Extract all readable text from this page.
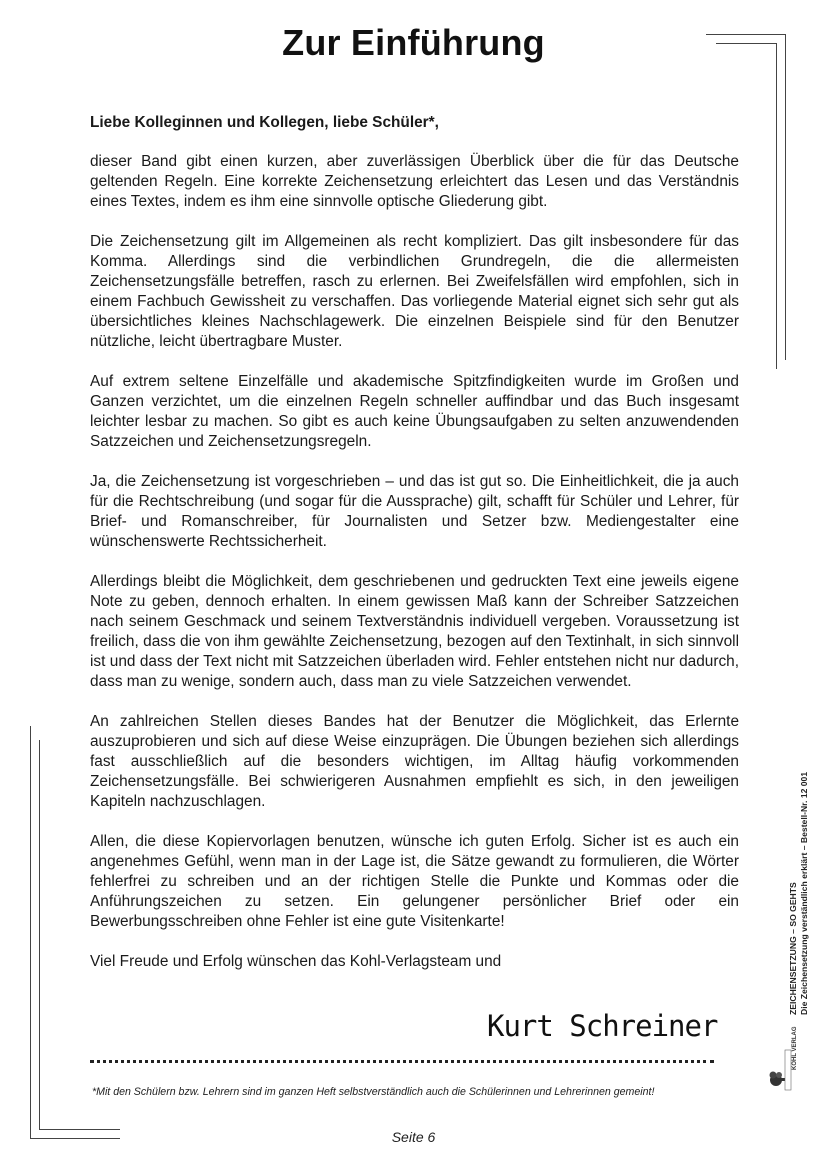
Zur Einführung

Liebe Kolleginnen und Kollegen, liebe Schüler*,

dieser Band gibt einen kurzen, aber zuverlässigen Überblick über die für das Deutsche geltenden Regeln. Eine korrekte Zeichensetzung erleichtert das Lesen und das Verständnis eines Textes, indem es ihm eine sinnvolle optische Gliederung gibt.

Die Zeichensetzung gilt im Allgemeinen als recht kompliziert. Das gilt insbesondere für das Komma. Allerdings sind die verbindlichen Grundregeln, die die allermeisten Zeichensetzungsfälle betreffen, rasch zu erlernen. Bei Zweifelsfällen wird empfohlen, sich in einem Fachbuch Gewissheit zu verschaffen. Das vorliegende Material eignet sich sehr gut als übersichtliches kleines Nachschlagewerk. Die einzelnen Beispiele sind für den Benutzer nützliche, leicht übertragbare Muster.

Auf extrem seltene Einzelfälle und akademische Spitzfindigkeiten wurde im Großen und Ganzen verzichtet, um die einzelnen Regeln schneller auffindbar und das Buch insgesamt leichter lesbar zu machen. So gibt es auch keine Übungsaufgaben zu selten anzuwendenden Satzzeichen und Zeichensetzungsregeln.

Ja, die Zeichensetzung ist vorgeschrieben – und das ist gut so. Die Einheitlichkeit, die ja auch für die Rechtschreibung (und sogar für die Aussprache) gilt, schafft für Schüler und Lehrer, für Brief- und Romanschreiber, für Journalisten und Setzer bzw. Mediengestalter eine wünschenswerte Rechtssicherheit.

Allerdings bleibt die Möglichkeit, dem geschriebenen und gedruckten Text eine jeweils eigene Note zu geben, dennoch erhalten. In einem gewissen Maß kann der Schreiber Satzzeichen nach seinem Geschmack und seinem Textverständnis individuell vergeben. Voraussetzung ist freilich, dass die von ihm gewählte Zeichensetzung, bezogen auf den Textinhalt, in sich sinnvoll ist und dass der Text nicht mit Satzzeichen überladen wird. Fehler entstehen nicht nur dadurch, dass man zu wenige, sondern auch, dass man zu viele Satzzeichen verwendet.

An zahlreichen Stellen dieses Bandes hat der Benutzer die Möglichkeit, das Erlernte auszuprobieren und sich auf diese Weise einzuprägen. Die Übungen beziehen sich allerdings fast ausschließlich auf die besonders wichtigen, im Alltag häufig vorkommenden Zeichensetzungsfälle. Bei schwierigeren Ausnahmen empfiehlt es sich, in den jeweiligen Kapiteln nachzuschlagen.

Allen, die diese Kopiervorlagen benutzen, wünsche ich guten Erfolg. Sicher ist es auch ein angenehmes Gefühl, wenn man in der Lage ist, die Sätze gewandt zu formulieren, die Wörter fehlerfrei zu schreiben und an der richtigen Stelle die Punkte und Kommas oder die Anführungszeichen zu setzen. Ein gelungener persönlicher Brief oder ein Bewerbungsschreiben ohne Fehler ist eine gute Visitenkarte!

Viel Freude und Erfolg wünschen das Kohl-Verlagsteam und

Kurt Schreiner
*Mit den Schülern bzw. Lehrern sind im ganzen Heft selbstverständlich auch die Schülerinnen und Lehrerinnen gemeint!
Seite 6
ZEICHENSETZUNG – SO GEHTS Die Zeichensetzung verständlich erklärt – Bestell-Nr. 12 001
KOHL VERLAG
